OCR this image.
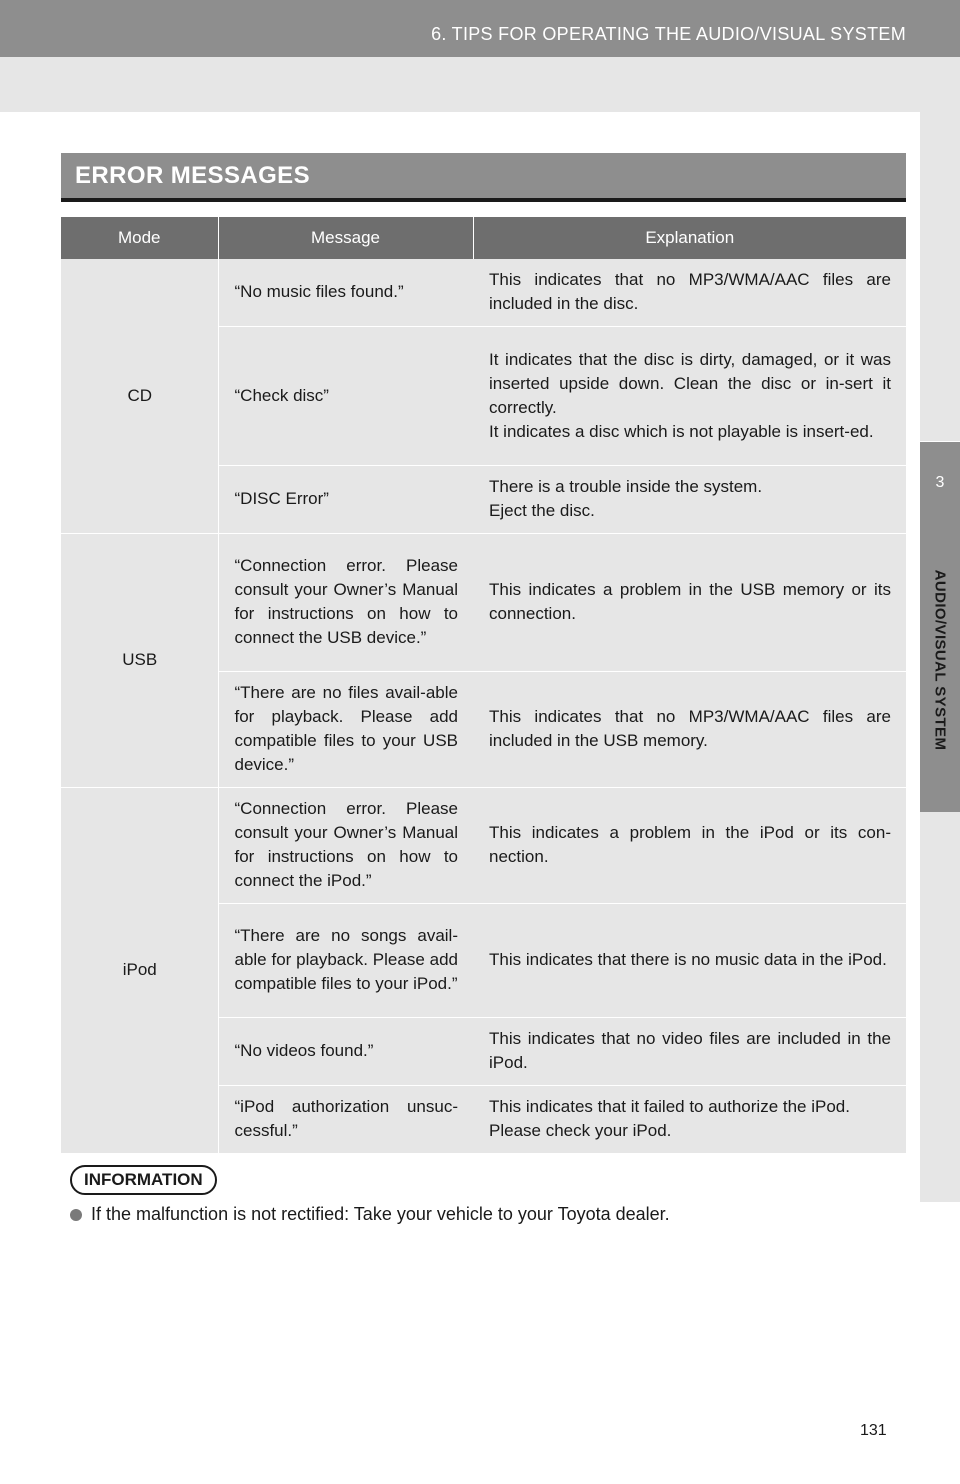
6. TIPS FOR OPERATING THE AUDIO/VISUAL SYSTEM
3
AUDIO/VISUAL SYSTEM
ERROR MESSAGES
Mode	Message	Explanation
CD	“No music files found.”	This indicates that no MP3/WMA/AAC files are included in the disc.
	“Check disc”	It indicates that the disc is dirty, damaged, or it was inserted upside down. Clean the disc or in-sert it correctly.
It indicates a disc which is not playable is insert-ed.

	“DISC Error”	There is a trouble inside the system.
Eject the disc.

USB	“Connection error. Please consult your Owner’s Manual for instructions on how to connect the USB device.”	This indicates a problem in the USB memory or its connection.
	“There are no files avail-able for playback. Please add compatible files to your USB device.”	This indicates that no MP3/WMA/AAC files are included in the USB memory.
iPod	“Connection error. Please consult your Owner’s Manual for instructions on how to connect the iPod.”	This indicates a problem in the iPod or its con-nection.
	“There are no songs avail-able for playback. Please add compatible files to your iPod.”	This indicates that there is no music data in the iPod.
	“No videos found.”	This indicates that no video files are included in the iPod.
	“iPod authorization unsuc-cessful.”	This indicates that it failed to authorize the iPod.
Please check your iPod.
INFORMATION
If the malfunction is not rectified: Take your vehicle to your Toyota dealer.
131
